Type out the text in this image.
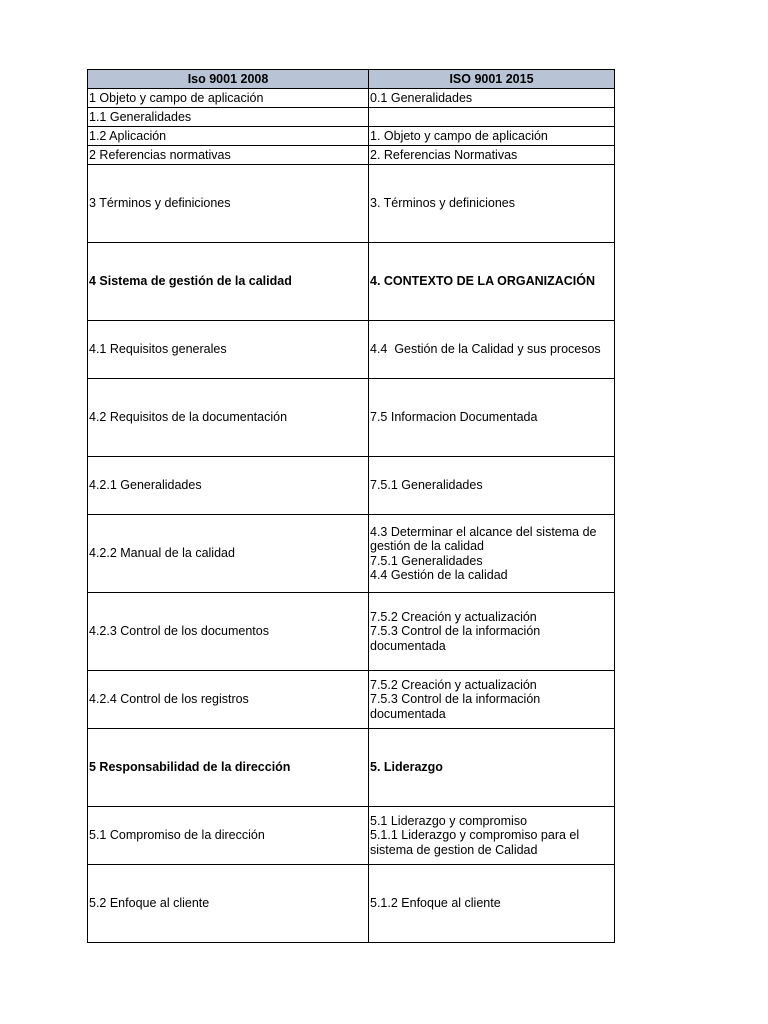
Iso 9001 2008	ISO 9001 2015

1 Objeto y campo de aplicación	0.1 Generalidades

1.1 Generalidades	

1.2 Aplicación	1. Objeto y campo de aplicación

2 Referencias normativas	2. Referencias Normativas

3 Términos y definiciones	3. Términos y definiciones

4 Sistema de gestión de la calidad	4. CONTEXTO DE LA ORGANIZACIÓN

4.1 Requisitos generales	4.4  Gestión de la Calidad y sus procesos

4.2 Requisitos de la documentación	7.5 Informacion Documentada

4.2.1 Generalidades	7.5.1 Generalidades

4.2.2 Manual de la calidad	4.3 Determinar el alcance del sistema de
gestión de la calidad
7.5.1 Generalidades
4.4 Gestión de la calidad

4.2.3 Control de los documentos	7.5.2 Creación y actualización
7.5.3 Control de la información
documentada

4.2.4 Control de los registros	7.5.2 Creación y actualización
7.5.3 Control de la información
documentada

5 Responsabilidad de la dirección	5. Liderazgo

5.1 Compromiso de la dirección	5.1 Liderazgo y compromiso
5.1.1 Liderazgo y compromiso para el
sistema de gestion de Calidad

5.2 Enfoque al cliente	5.1.2 Enfoque al cliente
